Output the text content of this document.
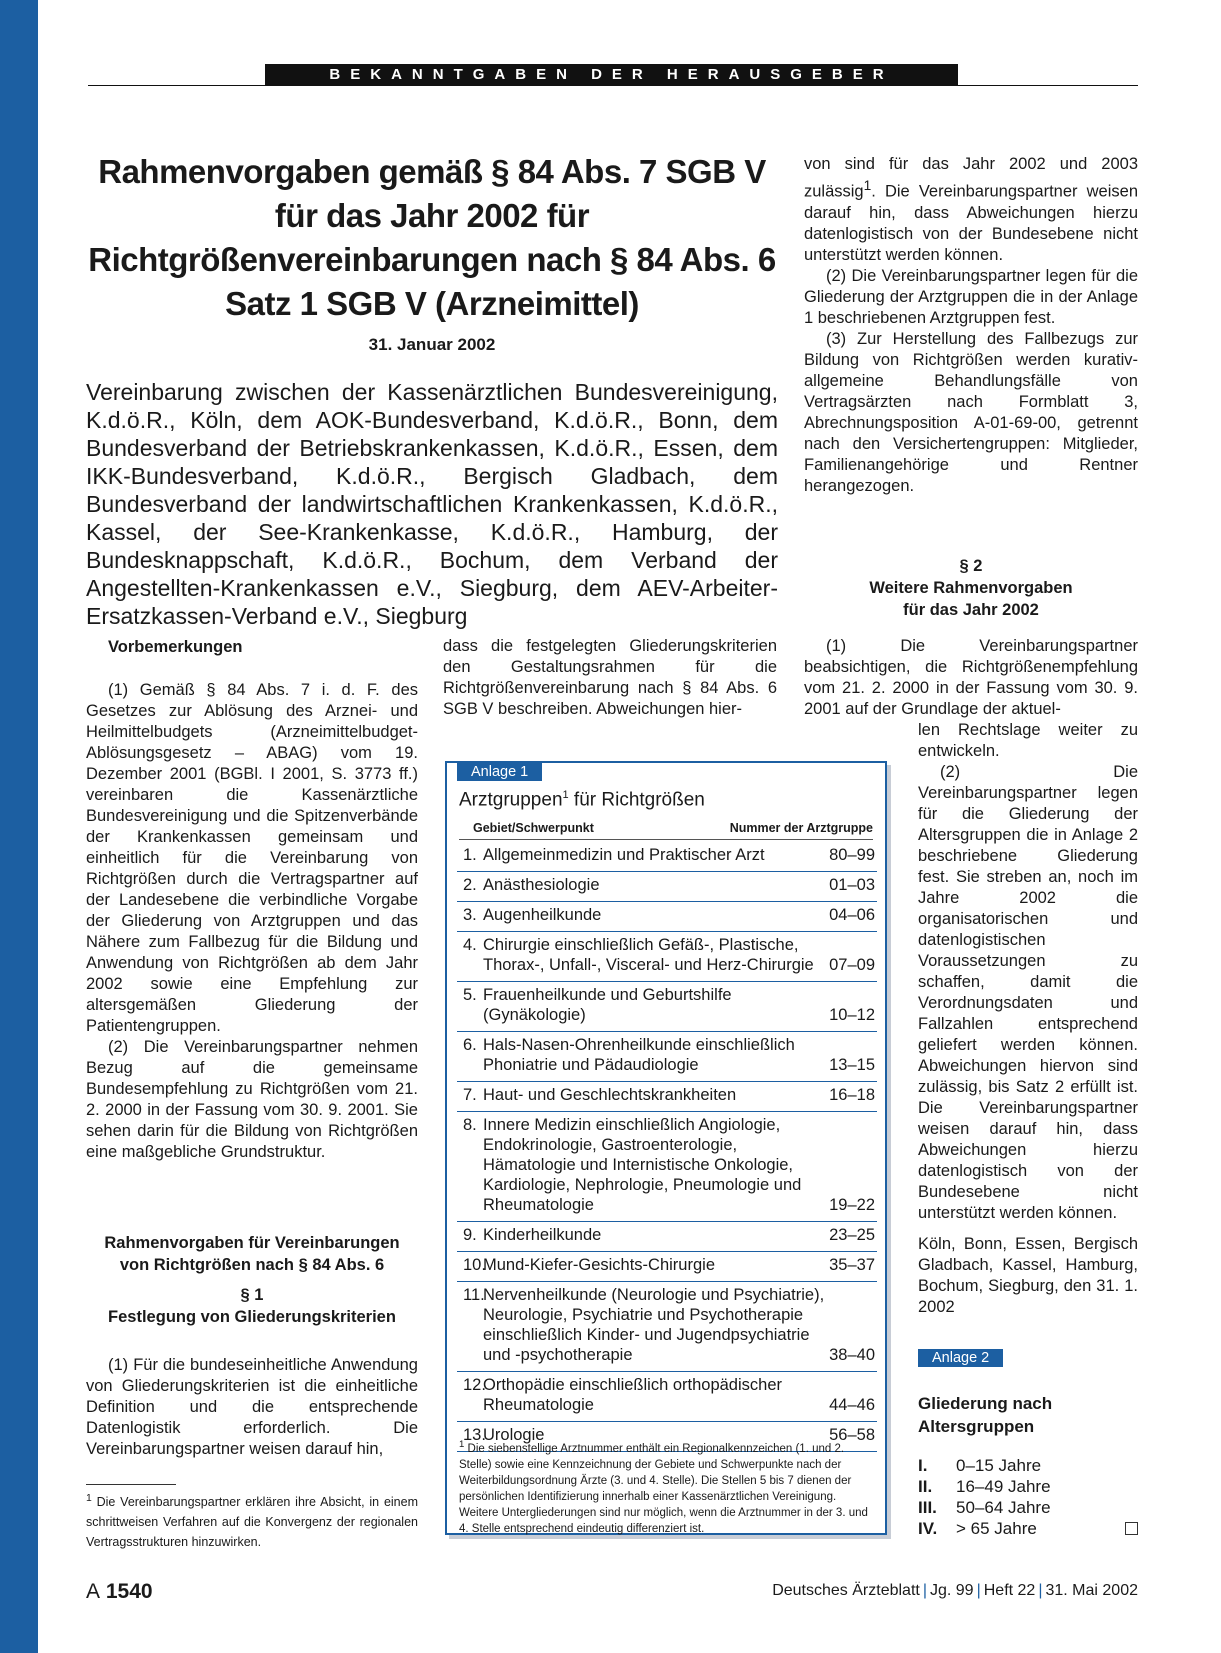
BEKANNTGABEN DER HERAUSGEBER
Rahmenvorgaben gemäß § 84 Abs. 7 SGB V für das Jahr 2002 für Richtgrößenvereinbarungen nach § 84 Abs. 6 Satz 1 SGB V (Arzneimittel)
31. Januar 2002
Vereinbarung zwischen der Kassenärztlichen Bundesvereinigung, K.d.ö.R., Köln, dem AOK-Bundesverband, K.d.ö.R., Bonn, dem Bundesverband der Betriebskrankenkassen, K.d.ö.R., Essen, dem IKK-Bundesverband, K.d.ö.R., Bergisch Gladbach, dem Bundesverband der landwirtschaftlichen Krankenkassen, K.d.ö.R., Kassel, der See-Krankenkasse, K.d.ö.R., Hamburg, der Bundesknappschaft, K.d.ö.R., Bochum, dem Verband der Angestellten-Krankenkassen e.V., Siegburg, dem AEV-Arbeiter-Ersatzkassen-Verband e.V., Siegburg

von sind für das Jahr 2002 und 2003 zulässig$^1$. Die Vereinbarungspartner weisen darauf hin, dass Abweichungen hierzu datenlogistisch von der Bundesebene nicht unterstützt werden können.

(2) Die Vereinbarungspartner legen für die Gliederung der Arztgruppen die in der Anlage 1 beschriebenen Arztgruppen fest.

(3) Zur Herstellung des Fallbezugs zur Bildung von Richtgrößen werden kurativ-allgemeine Behandlungsfälle von Vertragsärzten nach Formblatt 3, Abrechnungsposition A-01-69-00, getrennt nach den Versichertengruppen: Mitglieder, Familienangehörige und Rentner herangezogen.

§ 2
Weitere Rahmenvorgaben
für das Jahr 2002
Vorbemerkungen

(1) Gemäß § 84 Abs. 7 i. d. F. des Gesetzes zur Ablösung des Arznei- und Heilmittelbudgets (Arzneimittelbudget-Ablösungsgesetz – ABAG) vom 19. Dezember 2001 (BGBl. I 2001, S. 3773 ff.) vereinbaren die Kassenärztliche Bundesvereinigung und die Spitzenverbände der Krankenkassen gemeinsam und einheitlich für die Vereinbarung von Richtgrößen durch die Vertragspartner auf der Landesebene die verbindliche Vorgabe der Gliederung von Arztgruppen und das Nähere zum Fallbezug für die Bildung und Anwendung von Richtgrößen ab dem Jahr 2002 sowie eine Empfehlung zur altersgemäßen Gliederung der Patientengruppen.

(2) Die Vereinbarungspartner nehmen Bezug auf die gemeinsame Bundesempfehlung zu Richtgrößen vom 21. 2. 2000 in der Fassung vom 30. 9. 2001. Sie sehen darin für die Bildung von Richtgrößen eine maßgebliche Grundstruktur.

Rahmenvorgaben für Vereinbarungen
von Richtgrößen nach § 84 Abs. 6
§ 1
Festlegung von Gliederungskriterien

(1) Für die bundeseinheitliche Anwendung von Gliederungskriterien ist die einheitliche Definition und die entsprechende Datenlogistik erforderlich. Die Vereinbarungspartner weisen darauf hin,

$^1$ Die Vereinbarungspartner erklären ihre Absicht, in einem schrittweisen Verfahren auf die Konvergenz der regionalen Vertragsstrukturen hinzuwirken.

dass die festgelegten Gliederungskriterien den Gestaltungsrahmen für die Richtgrößenvereinbarung nach § 84 Abs. 6 SGB V beschreiben. Abweichungen hier-

Anlage 1
Arztgruppen$^1$ für Richtgrößen
Gebiet/Schwerpunkt	Nummer der Arztgruppe
1. Allgemeinmedizin und Praktischer Arzt	80–99
2. Anästhesiologie	01–03
3. Augenheilkunde	04–06
4. Chirurgie einschließlich Gefäß-, Plastische, Thorax-, Unfall-, Visceral- und Herz-Chirurgie 07–09
5. Frauenheilkunde und Geburtshilfe (Gynäkologie)	10–12
6. Hals-Nasen-Ohrenheilkunde einschließlich Phoniatrie und Pädaudiologie	13–15
7. Haut- und Geschlechtskrankheiten	16–18
8. Innere Medizin einschließlich Angiologie, Endokrinologie, Gastroenterologie, Hämatologie und Internistische Onkologie, Kardiologie, Nephrologie, Pneumologie und Rheumatologie	19–22
9. Kinderheilkunde	23–25
10.
Mund-Kiefer-Gesichts-Chirurgie	35–37
11.
Nervenheilkunde (Neurologie und Psychiatrie), Neurologie, Psychiatrie und Psychotherapie einschließlich Kinder- und Jugendpsychiatrie und -psychotherapie	38–40
12.
Orthopädie einschließlich orthopädischer Rheumatologie	44–46
13.
Urologie	56–58
$^1$ Die siebenstellige Arztnummer enthält ein Regionalkennzeichen (1. und 2. Stelle) sowie eine Kennzeichnung der Gebiete und Schwerpunkte nach der Weiterbildungsordnung Ärzte (3. und 4. Stelle). Die Stellen 5 bis 7 dienen der persönlichen Identifizierung innerhalb einer Kassenärztlichen Vereinigung.
Weitere Untergliederungen sind nur möglich, wenn die Arztnummer in der 3. und 4. Stelle entsprechend eindeutig differenziert ist.

(1) Die Vereinbarungspartner beabsichtigen, die Richtgrößenempfehlung vom 21. 2. 2000 in der Fassung vom 30. 9. 2001 auf der Grundlage der aktuel-

len Rechtslage weiter zu entwickeln.

(2) Die Vereinbarungspartner legen für die Gliederung der Altersgruppen die in Anlage 2 beschriebene Gliederung fest. Sie streben an, noch im Jahre 2002 die organisatorischen und datenlogistischen Voraussetzungen zu schaffen, damit die Verordnungsdaten und Fallzahlen entsprechend geliefert werden können. Abweichungen hiervon sind zulässig, bis Satz 2 erfüllt ist. Die Vereinbarungspartner weisen darauf hin, dass Abweichungen hierzu datenlogistisch von der Bundesebene nicht unterstützt werden können.

Köln, Bonn, Essen, Bergisch Gladbach, Kassel, Hamburg, Bochum, Siegburg, den 31. 1. 2002

Anlage 2
Gliederung nach
Altersgruppen
I. 0–15 Jahre
II. 16–49 Jahre
III. 50–64 Jahre
IV. > 65 Jahre
A 1540	Deutsches Ärzteblatt | Jg. 99 | Heft 22 | 31. Mai 2002
